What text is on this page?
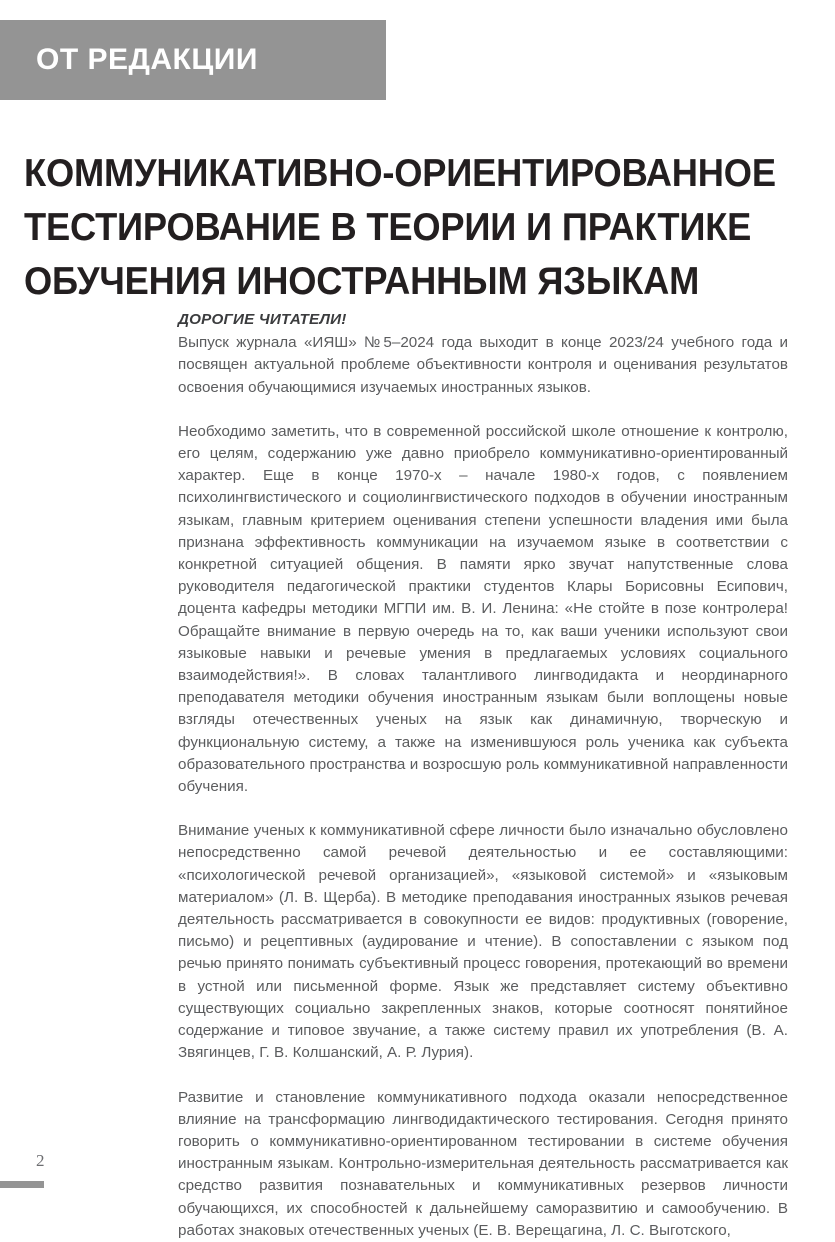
ОТ РЕДАКЦИИ
КОММУНИКАТИВНО-ОРИЕНТИРОВАННОЕ
ТЕСТИРОВАНИЕ В ТЕОРИИ И ПРАКТИКЕ
ОБУЧЕНИЯ ИНОСТРАННЫМ ЯЗЫКАМ

ДОРОГИЕ ЧИТАТЕЛИ!
Выпуск журнала «ИЯШ» №5–2024 года выходит в конце 2023/24 учебного года и посвящен актуальной проблеме объективности контроля и оценивания результатов освоения обучающимися изучаемых иностранных языков.

Необходимо заметить, что в современной российской школе отношение к контролю, его целям, содержанию уже давно приобрело коммуникативно-ориентированный характер. Еще в конце 1970-х – начале 1980-х годов, с появлением психолингвистического и социолингвистического подходов в обучении иностранным языкам, главным критерием оценивания степени успешности владения ими была признана эффективность коммуникации на изучаемом языке в соответствии с конкретной ситуацией общения. В памяти ярко звучат напутственные слова руководителя педагогической практики студентов Клары Борисовны Есипович, доцента кафедры методики МГПИ им. В. И. Ленина: «Не стойте в позе контролера! Обращайте внимание в первую очередь на то, как ваши ученики используют свои языковые навыки и речевые умения в предлагаемых условиях социального взаимодействия!». В словах талантливого лингводидакта и неординарного преподавателя методики обучения иностранным языкам были воплощены новые взгляды отечественных ученых на язык как динамичную, творческую и функциональную систему, а также на изменившуюся роль ученика как субъекта образовательного пространства и возросшую роль коммуникативной направленности обучения.

Внимание ученых к коммуникативной сфере личности было изначально обусловлено непосредственно самой речевой деятельностью и ее составляющими: «психологической речевой организацией», «языковой системой» и «языковым материалом» (Л. В. Щерба). В методике преподавания иностранных языков речевая деятельность рассматривается в совокупности ее видов: продуктивных (говорение, письмо) и рецептивных (аудирование и чтение). В сопоставлении с языком под речью принято понимать субъективный процесс говорения, протекающий во времени в устной или письменной форме. Язык же представляет систему объективно существующих социально закрепленных знаков, которые соотносят понятийное содержание и типовое звучание, а также систему правил их употребления (В. А. Звягинцев, Г. В. Колшанский, А. Р. Лурия).

Развитие и становление коммуникативного подхода оказали непосредственное влияние на трансформацию лингводидактического тестирования. Сегодня принято говорить о коммуникативно-ориентированном тестировании в системе обучения иностранным языкам. Контрольно-измерительная деятельность рассматривается как средство развития познавательных и коммуникативных резервов личности обучающихся, их способностей к дальнейшему саморазвитию и самообучению. В работах знаковых отечественных ученых (Е. В. Верещагина, Л. С. Выготского,

2
